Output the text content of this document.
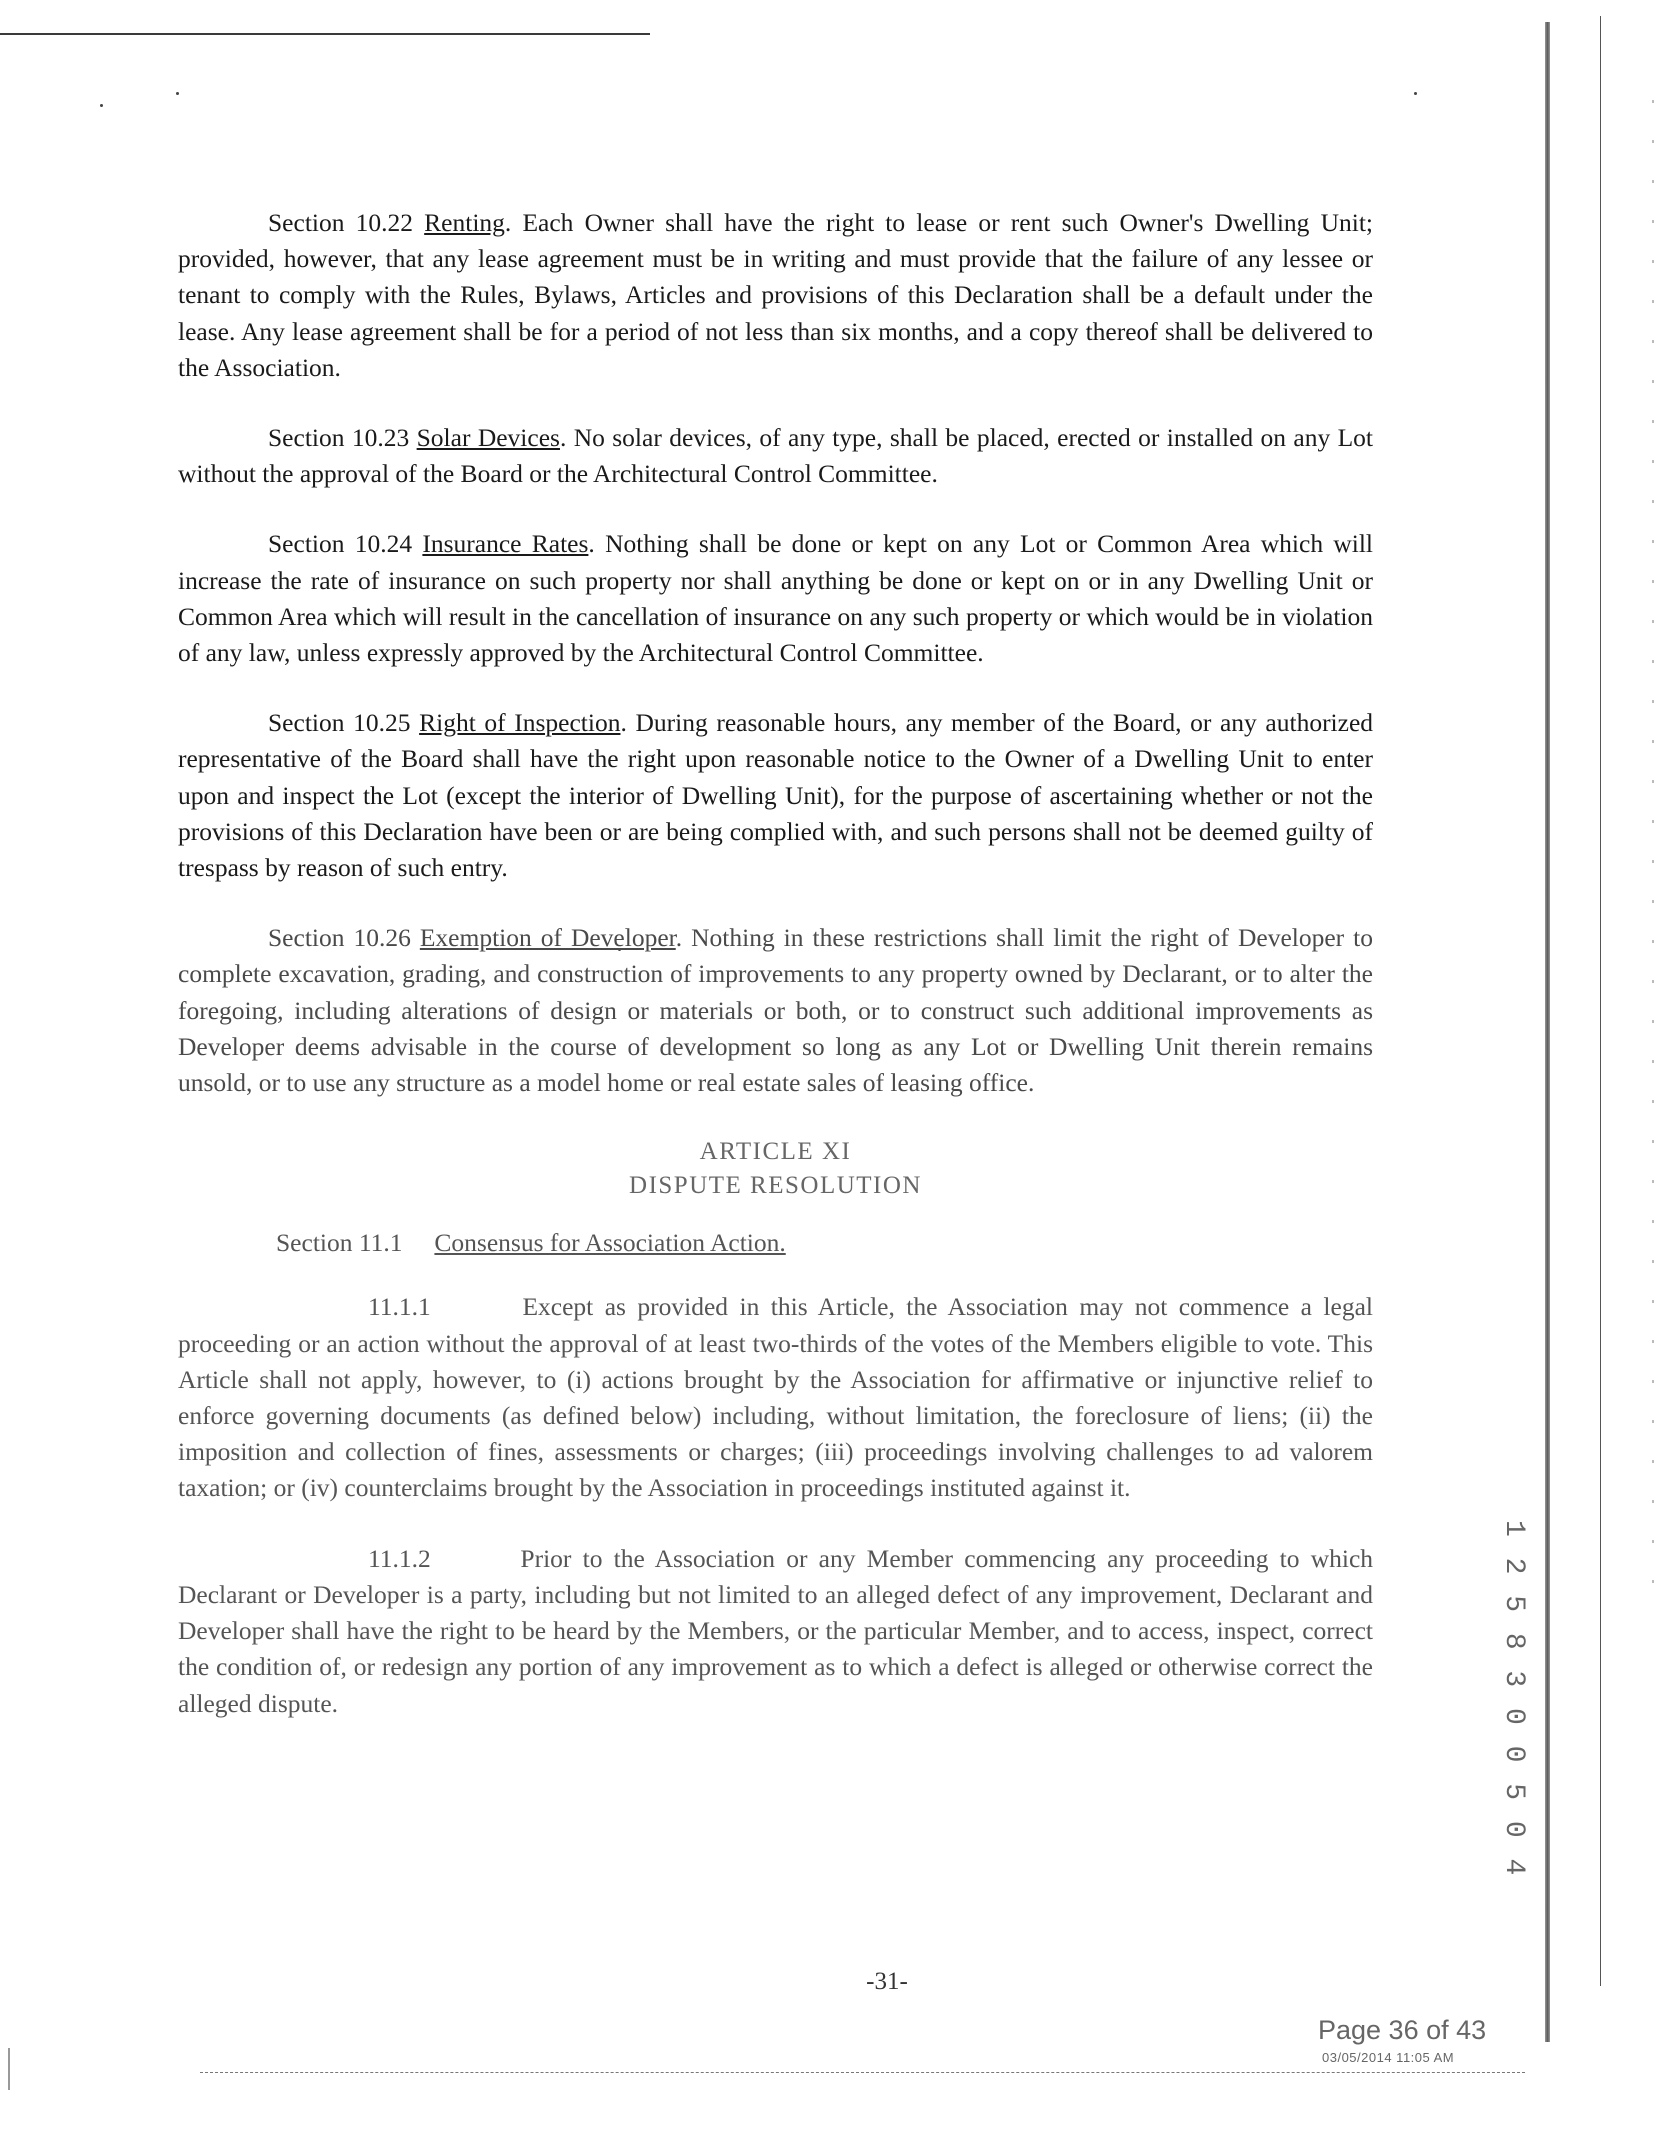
Section 10.22 Renting. Each Owner shall have the right to lease or rent such Owner's Dwelling Unit; provided, however, that any lease agreement must be in writing and must provide that the failure of any lessee or tenant to comply with the Rules, Bylaws, Articles and provisions of this Declaration shall be a default under the lease. Any lease agreement shall be for a period of not less than six months, and a copy thereof shall be delivered to the Association.

Section 10.23 Solar Devices. No solar devices, of any type, shall be placed, erected or installed on any Lot without the approval of the Board or the Architectural Control Committee.

Section 10.24 Insurance Rates. Nothing shall be done or kept on any Lot or Common Area which will increase the rate of insurance on such property nor shall anything be done or kept on or in any Dwelling Unit or Common Area which will result in the cancellation of insurance on any such property or which would be in violation of any law, unless expressly approved by the Architectural Control Committee.

Section 10.25 Right of Inspection. During reasonable hours, any member of the Board, or any authorized representative of the Board shall have the right upon reasonable notice to the Owner of a Dwelling Unit to enter upon and inspect the Lot (except the interior of Dwelling Unit), for the purpose of ascertaining whether or not the provisions of this Declaration have been or are being complied with, and such persons shall not be deemed guilty of trespass by reason of such entry.

Section 10.26 Exemption of Developer. Nothing in these restrictions shall limit the right of Developer to complete excavation, grading, and construction of improvements to any property owned by Declarant, or to alter the foregoing, including alterations of design or materials or both, or to construct such additional improvements as Developer deems advisable in the course of development so long as any Lot or Dwelling Unit therein remains unsold, or to use any structure as a model home or real estate sales of leasing office.

ARTICLE XI
DISPUTE RESOLUTION
Section 11.1 Consensus for Association Action.

11.1.1	Except as provided in this Article, the Association may not commence a legal proceeding or an action without the approval of at least two-thirds of the votes of the Members eligible to vote. This Article shall not apply, however, to (i) actions brought by the Association for affirmative or injunctive relief to enforce governing documents (as defined below) including, without limitation, the foreclosure of liens; (ii) the imposition and collection of fines, assessments or charges; (iii) proceedings involving challenges to ad valorem taxation; or (iv) counterclaims brought by the Association in proceedings instituted against it.

11.1.2	Prior to the Association or any Member commencing any proceeding to which Declarant or Developer is a party, including but not limited to an alleged defect of any improvement, Declarant and Developer shall have the right to be heard by the Members, or the particular Member, and to access, inspect, correct the condition of, or redesign any portion of any improvement as to which a defect is alleged or otherwise correct the alleged dispute.

-31-
1 2 5 8 3 0 0 5 0 4
Page 36 of 43
03/05/2014 11:05 AM
